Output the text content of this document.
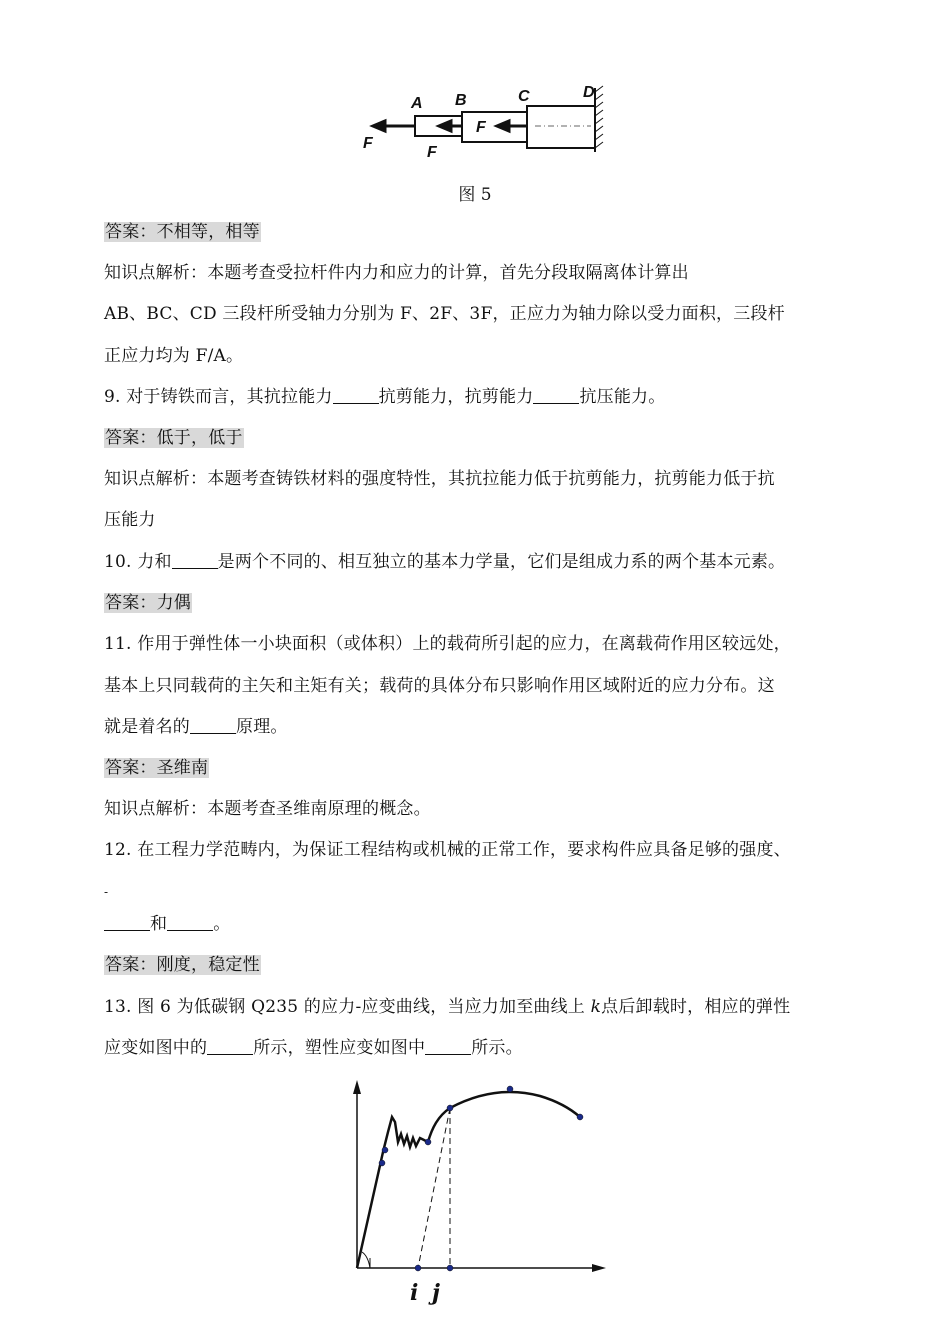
A B	C	D
F
F
F
图 5
答案：不相等，相等
知识点解析：本题考查受拉杆件内力和应力的计算，首先分段取隔离体计算出
AB、BC、CD 三段杆所受轴力分别为 F、2F、3F，正应力为轴力除以受力面积，三段杆
正应力均为 F/A。
9. 对于铸铁而言，其抗拉能力	抗剪能力，抗剪能力	抗压能力。
答案：低于，低于
知识点解析：本题考查铸铁材料的强度特性，其抗拉能力低于抗剪能力，抗剪能力低于抗
压能力
10. 力和	是两个不同的、相互独立的基本力学量，它们是组成力系的两个基本元素。
答案：力偶
11. 作用于弹性体一小块面积（或体积）上的载荷所引起的应力，在离载荷作用区较远处，
基本上只同载荷的主矢和主矩有关；载荷的具体分布只影响作用区域附近的应力分布。这
就是着名的	原理。
答案：圣维南
知识点解析：本题考查圣维南原理的概念。
12. 在工程力学范畴内，为保证工程结构或机械的正常工作，要求构件应具备足够的强度、
-
和	。
答案：刚度，稳定性
13. 图 6 为低碳钢 Q235 的应力-应变曲线，当应力加至曲线上 k点后卸载时，相应的弹性
应变如图中的	所示，塑性应变如图中	所示。
i j
